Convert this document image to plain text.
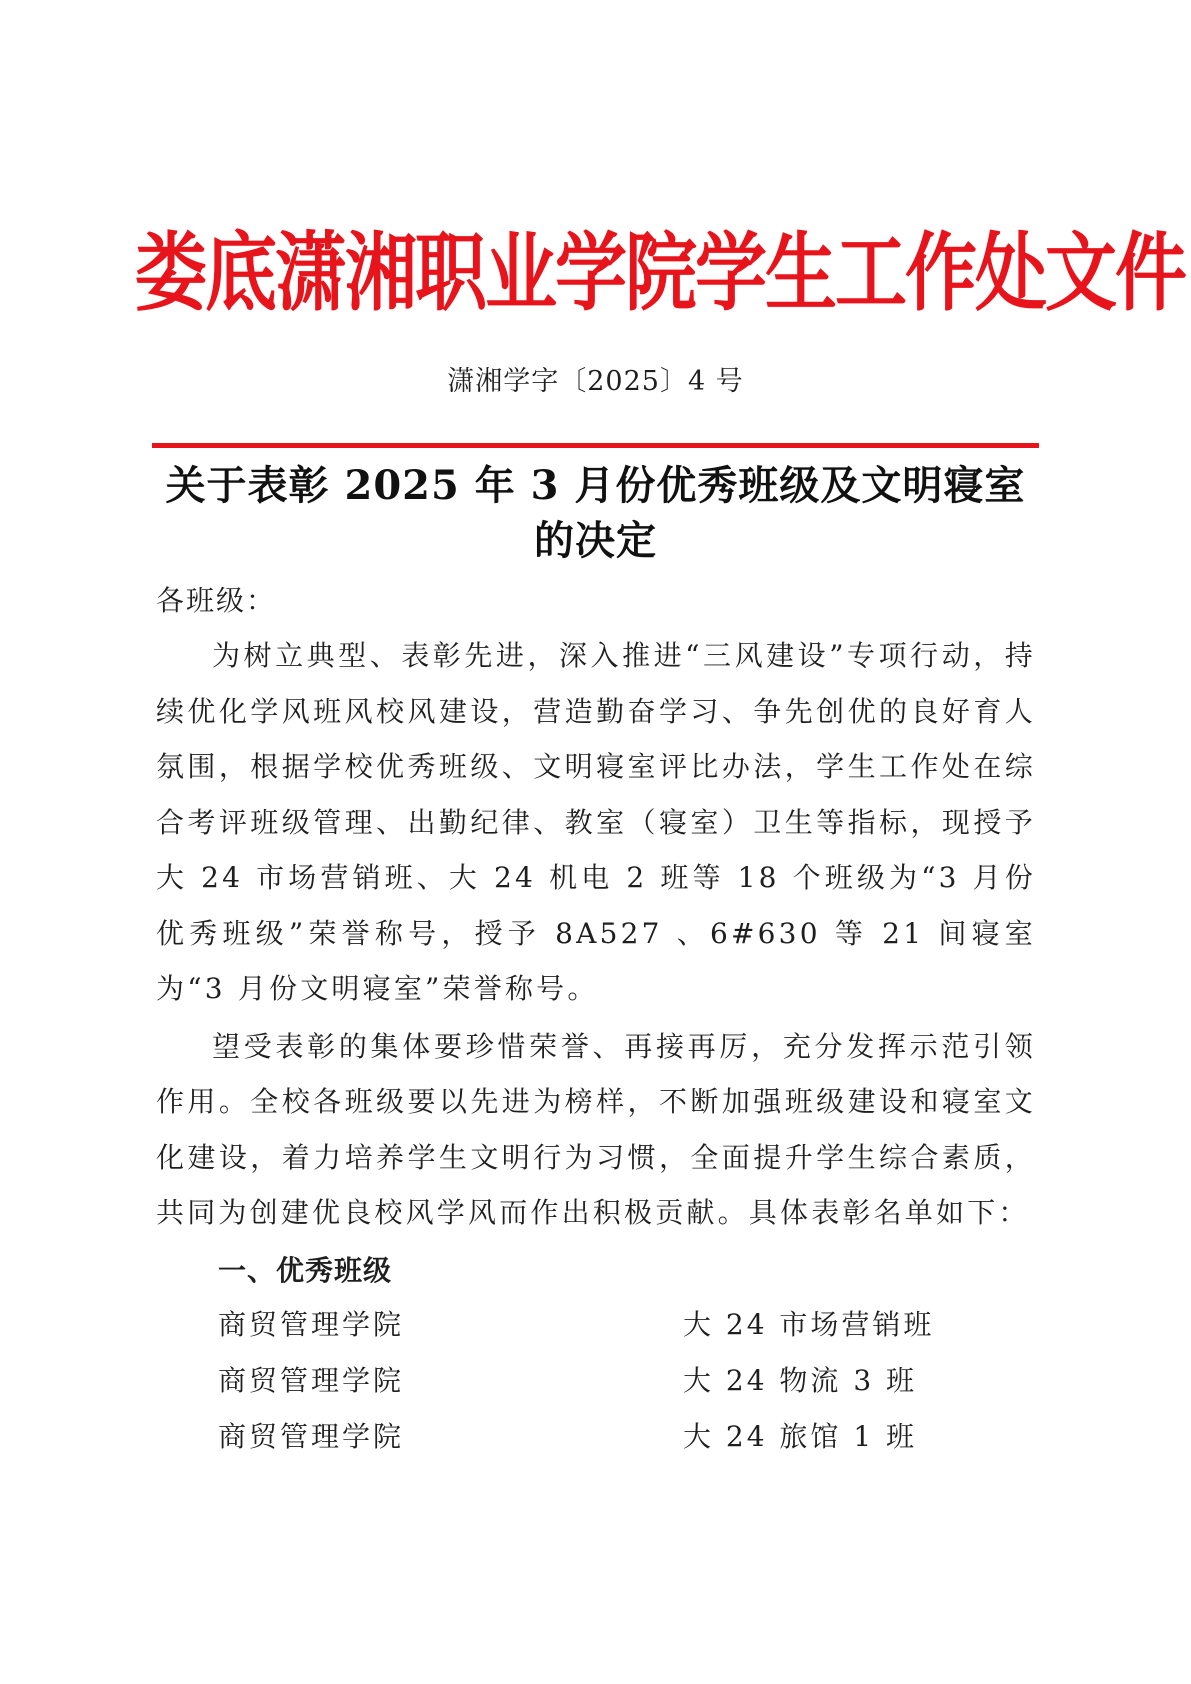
娄底潇湘职业学院学生工作处文件
潇湘学字〔2025〕4 号
关于表彰 2025 年 3 月份优秀班级及文明寝室
的决定
各班级：

为树立典型、表彰先进，深入推进“三风建设”专项行动，持续优化学风班风校风建设，营造勤奋学习、争先创优的良好育人氛围，根据学校优秀班级、文明寝室评比办法，学生工作处在综合考评班级管理、出勤纪律、教室（寝室）卫生等指标，现授予大 24 市场营销班、大 24 机电 2 班等 18 个班级为“3 月份优秀班级”荣誉称号，授予 8A527 、6#630 等 21 间寝室为“3 月份文明寝室”荣誉称号。

望受表彰的集体要珍惜荣誉、再接再厉，充分发挥示范引领作用。全校各班级要以先进为榜样，不断加强班级建设和寝室文化建设，着力培养学生文明行为习惯，全面提升学生综合素质，共同为创建优良校风学风而作出积极贡献。具体表彰名单如下：

一、优秀班级
商贸管理学院	大 24 市场营销班
商贸管理学院	大 24 物流 3 班
商贸管理学院	大 24 旅馆 1 班
